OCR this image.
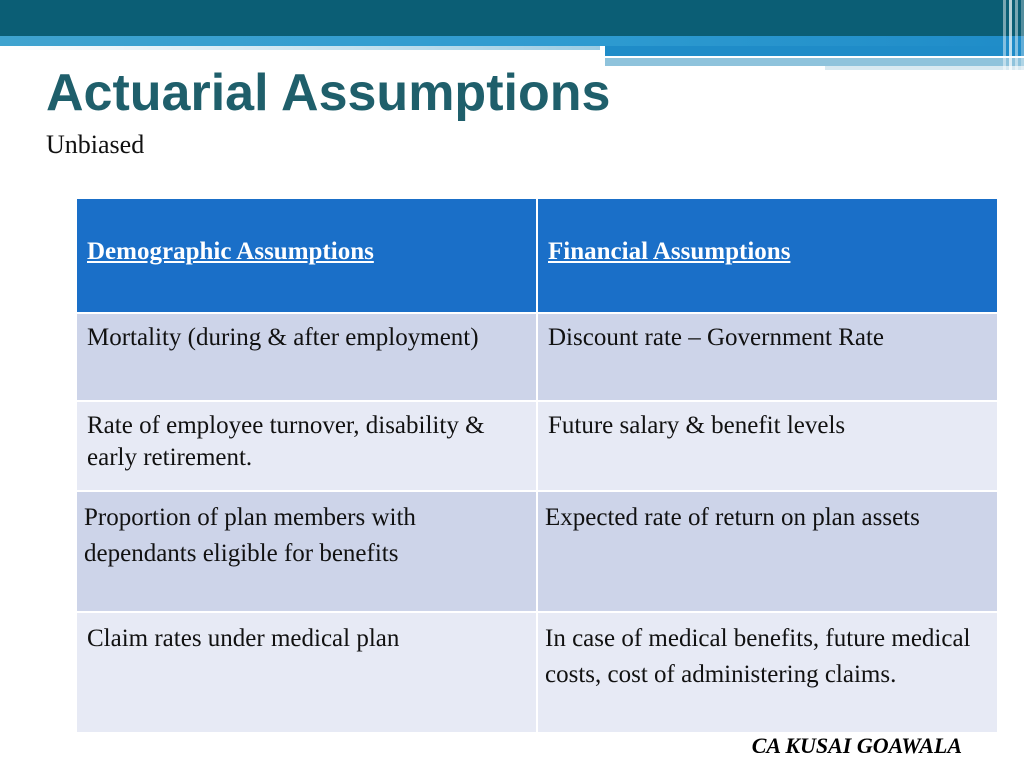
Actuarial Assumptions

Unbiased

Demographic Assumptions	Financial Assumptions
Mortality (during & after employment)	Discount rate – Government Rate
Rate of employee turnover, disability & early retirement.	Future salary & benefit levels
Proportion of plan members with dependants eligible for benefits	Expected rate of return on plan assets
Claim rates under medical plan	In case of medical benefits, future medical costs, cost of administering claims.
CA KUSAI GOAWALA
